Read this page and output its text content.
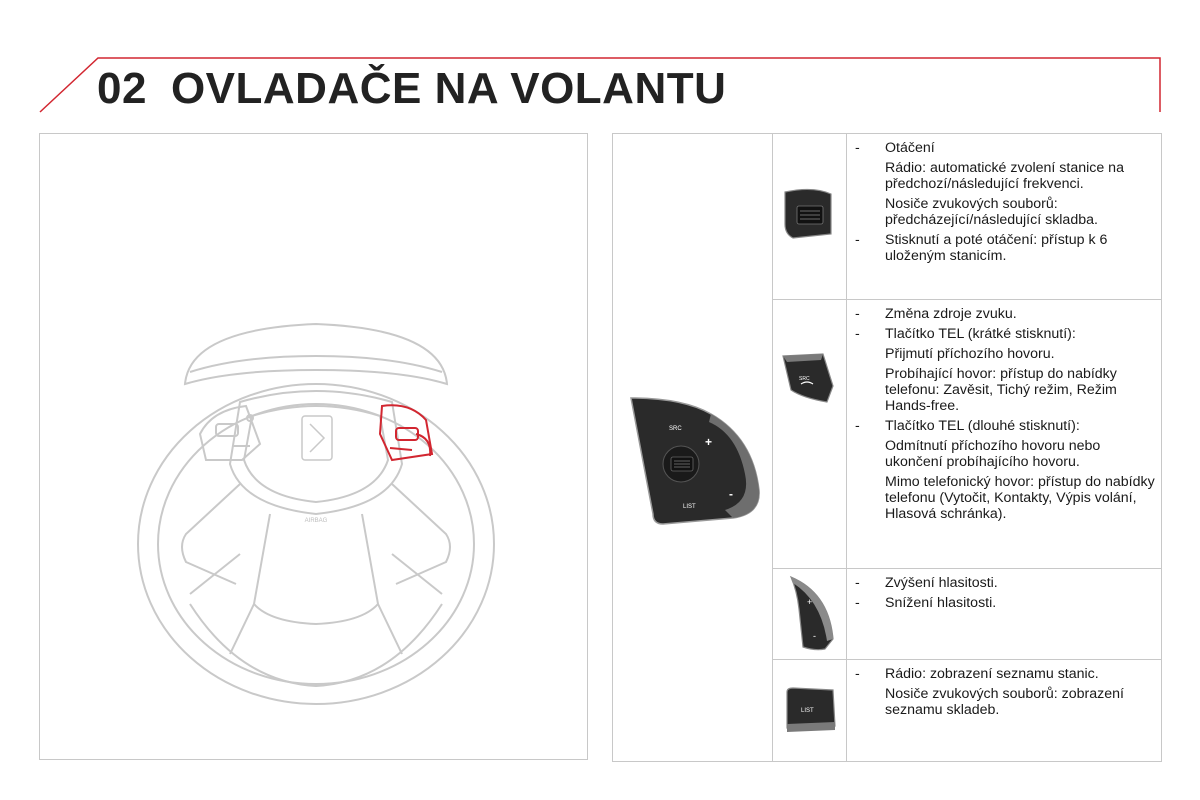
02 OVLADAČE NA VOLANTU
AIRBAG
SRC
+
-
LIST
- Otáčení

Rádio: automatické zvolení stanice na předchozí/následující frekvenci.

Nosiče zvukových souborů: předcházející/následující skladba.

- Stisknutí a poté otáčení: přístup k 6 uloženým stanicím.

SRC
- Změna zdroje zvuku.

- Tlačítko TEL (krátké stisknutí):

Přijmutí příchozího hovoru.

Probíhající hovor: přístup do nabídky telefonu: Zavěsit, Tichý režim, Režim Hands-free.

- Tlačítko TEL (dlouhé stisknutí):

Odmítnutí příchozího hovoru nebo ukončení probíhajícího hovoru.

Mimo telefonický hovor: přístup do nabídky telefonu (Vytočit, Kontakty, Výpis volání, Hlasová schránka).

+
-
- Zvýšení hlasitosti.

- Snížení hlasitosti.

LIST
- Rádio: zobrazení seznamu stanic.

Nosiče zvukových souborů: zobrazení seznamu skladeb.
